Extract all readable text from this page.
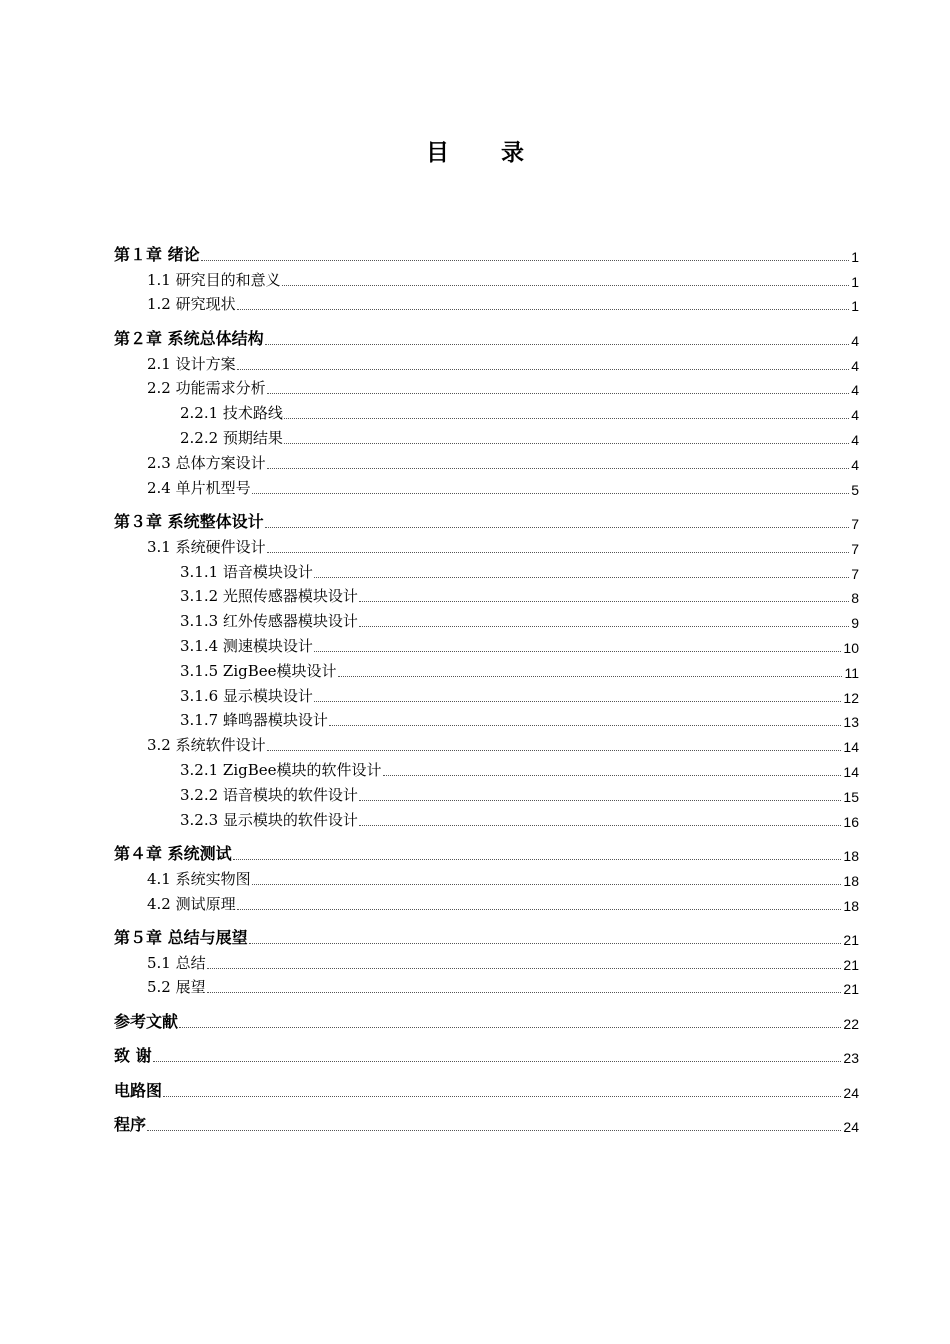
目 录
第１章 绪论	1
1.1 研究目的和意义	1
1.2 研究现状	1
第２章 系统总体结构	4
2.1 设计方案	4
2.2 功能需求分析	4
2.2.1 技术路线	4
2.2.2 预期结果	4
2.3 总体方案设计	4
2.4 单片机型号	5
第３章 系统整体设计	7
3.1 系统硬件设计	7
3.1.1 语音模块设计	7
3.1.2 光照传感器模块设计	8
3.1.3 红外传感器模块设计	9
3.1.4 测速模块设计	10
3.1.5 ZigBee模块设计	11
3.1.6 显示模块设计	12
3.1.7 蜂鸣器模块设计	13
3.2 系统软件设计	14
3.2.1 ZigBee模块的软件设计	14
3.2.2 语音模块的软件设计	15
3.2.3 显示模块的软件设计	16
第４章 系统测试	18
4.1 系统实物图	18
4.2 测试原理	18
第５章 总结与展望	21
5.1 总结	21
5.2 展望	21
参考文献	22
致 谢	23
电路图	24
程序	24
